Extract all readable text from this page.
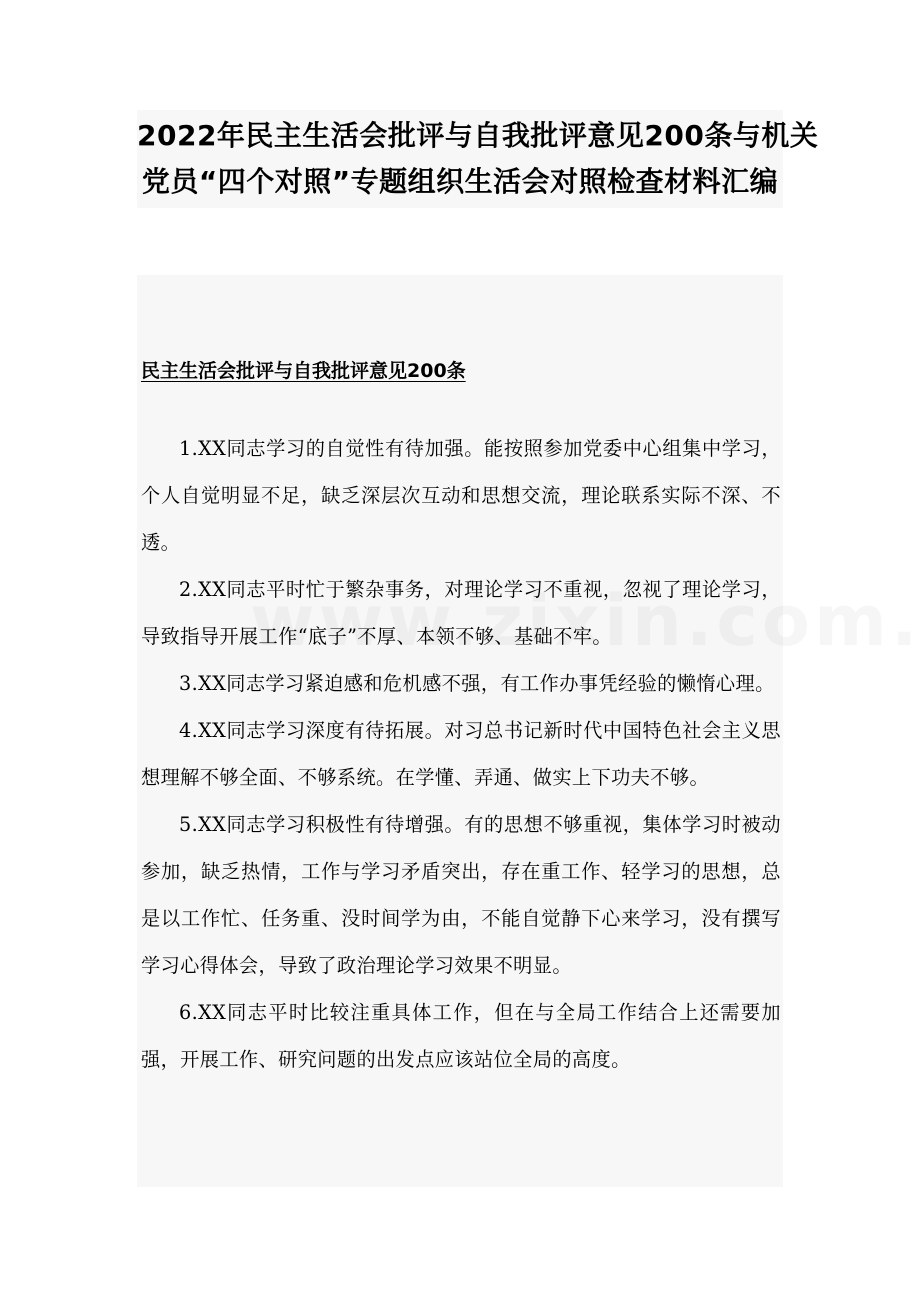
2022年民主生活会批评与自我批评意见200条与机关
党员“四个对照”专题组织生活会对照检查材料汇编
民主生活会批评与自我批评意见200条

1.XX同志学习的自觉性有待加强。能按照参加党委中心组集中学习，个人自觉明显不足，缺乏深层次互动和思想交流，理论联系实际不深、不透。

2.XX同志平时忙于繁杂事务，对理论学习不重视，忽视了理论学习，导致指导开展工作“底子”不厚、本领不够、基础不牢。

3.XX同志学习紧迫感和危机感不强，有工作办事凭经验的懒惰心理。

4.XX同志学习深度有待拓展。对习总书记新时代中国特色社会主义思想理解不够全面、不够系统。在学懂、弄通、做实上下功夫不够。

5.XX同志学习积极性有待增强。有的思想不够重视，集体学习时被动参加，缺乏热情，工作与学习矛盾突出，存在重工作、轻学习的思想，总是以工作忙、任务重、没时间学为由，不能自觉静下心来学习，没有撰写学习心得体会，导致了政治理论学习效果不明显。

6.XX同志平时比较注重具体工作，但在与全局工作结合上还需要加强，开展工作、研究问题的出发点应该站位全局的高度。
